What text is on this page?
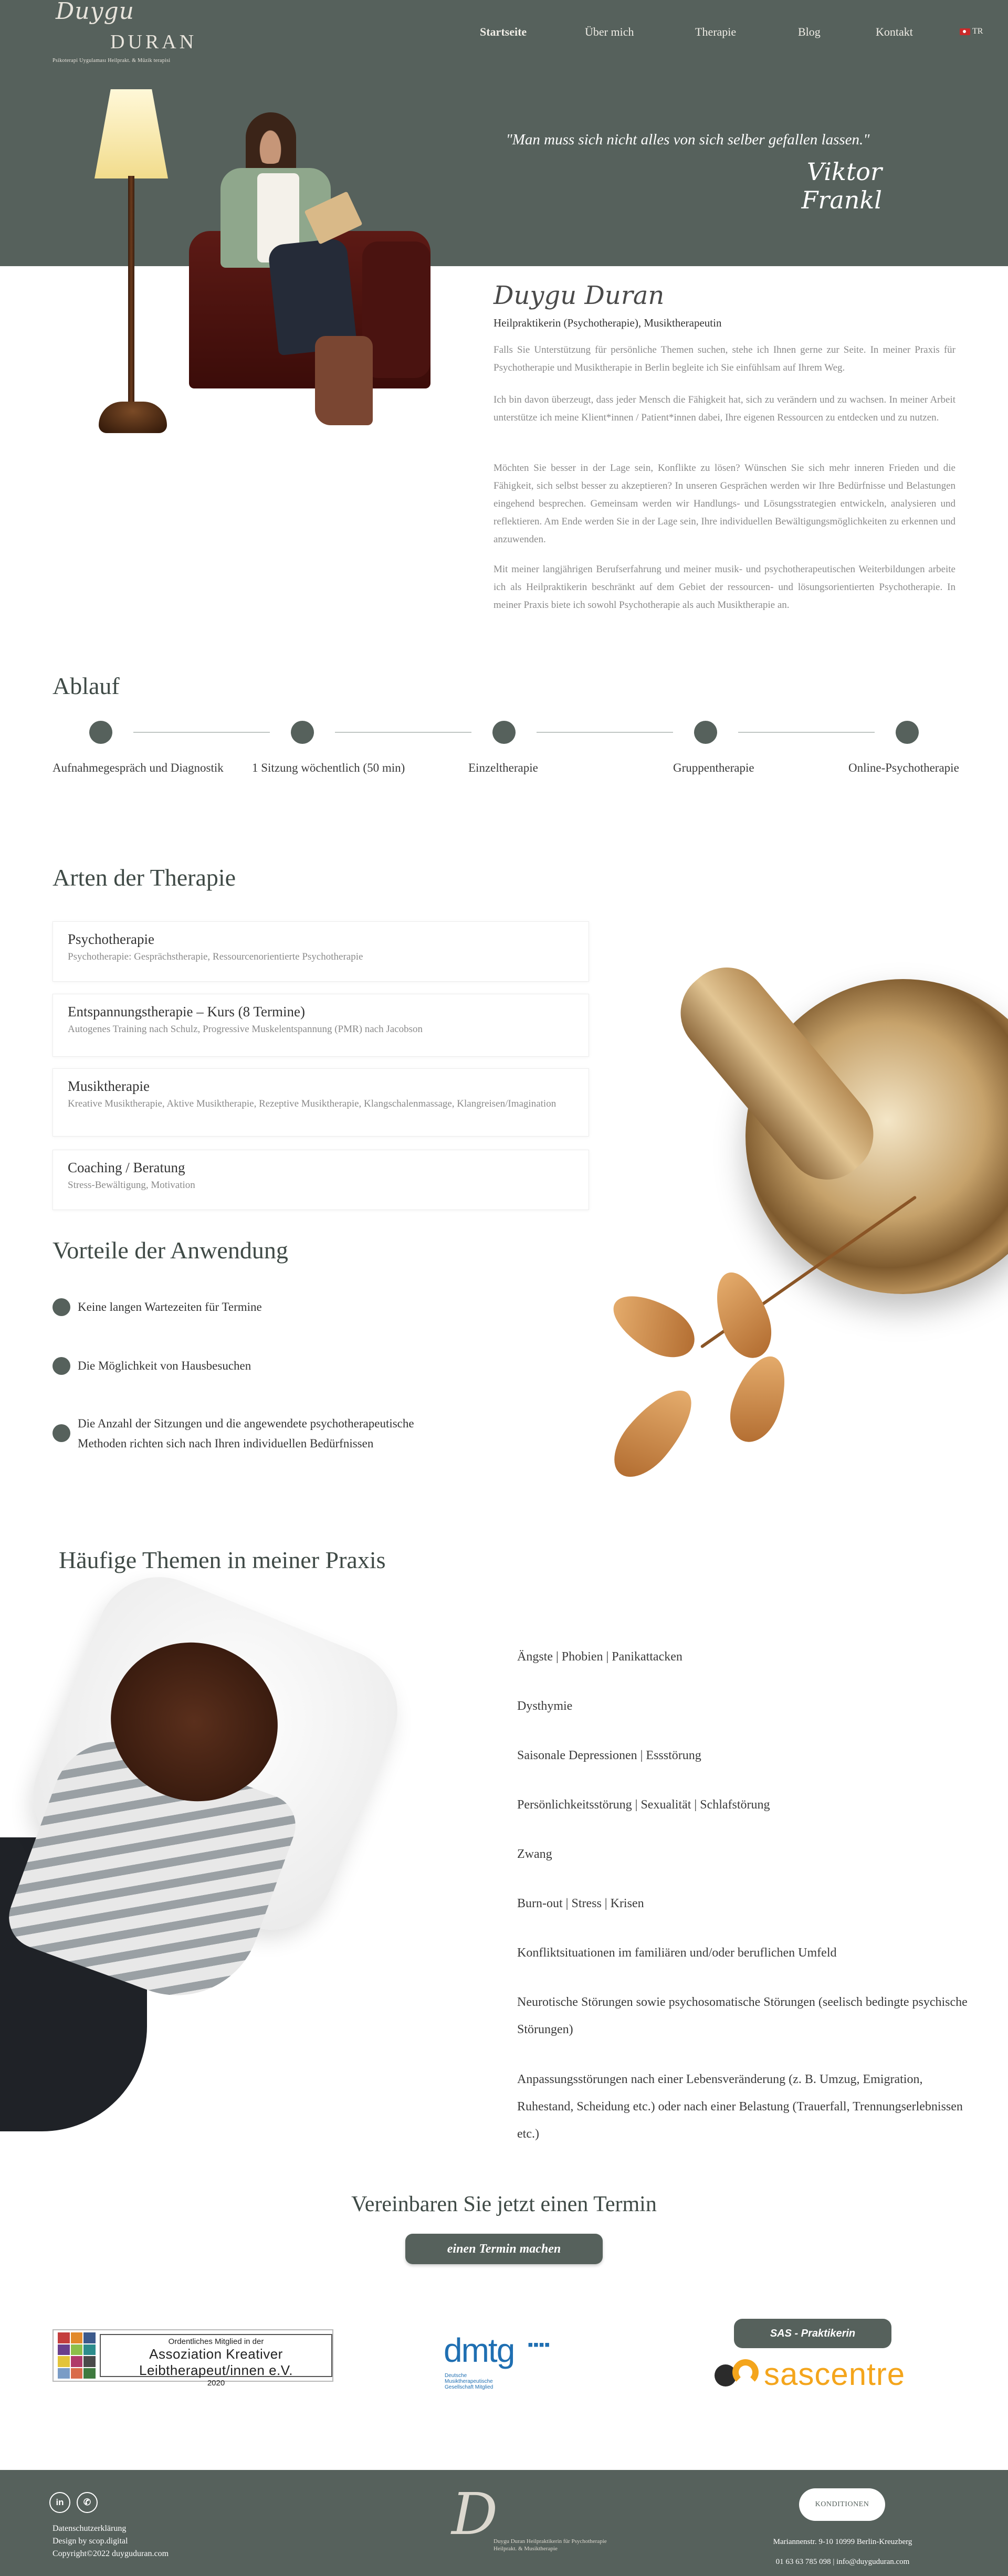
Duygu
DURAN
Psikoterapi Uygulaması Heilprakt. & Müzik terapisi
Startseite	Über mich	Therapie	Blog	Kontakt	TR
"Man muss sich nicht alles von sich selber gefallen lassen."
Viktor Frankl
Duygu Duran
Heilpraktikerin (Psychotherapie), Musiktherapeutin

Falls Sie Unterstützung für persönliche Themen suchen, stehe ich Ihnen gerne zur Seite. In meiner Praxis für Psychotherapie und Musiktherapie in Berlin begleite ich Sie einfühlsam auf Ihrem Weg.

Ich bin davon überzeugt, dass jeder Mensch die Fähigkeit hat, sich zu verändern und zu wachsen. In meiner Arbeit unterstütze ich meine Klient*innen / Patient*innen dabei, Ihre eigenen Ressourcen zu entdecken und zu nutzen.

Möchten Sie besser in der Lage sein, Konflikte zu lösen? Wünschen Sie sich mehr inneren Frieden und die Fähigkeit, sich selbst besser zu akzeptieren? In unseren Gesprächen werden wir Ihre Bedürfnisse und Belastungen eingehend besprechen. Gemeinsam werden wir Handlungs- und Lösungsstrategien entwickeln, analysieren und reflektieren. Am Ende werden Sie in der Lage sein, Ihre individuellen Bewältigungsmöglichkeiten zu erkennen und anzuwenden.

Mit meiner langjährigen Berufserfahrung und meiner musik- und psychotherapeutischen Weiterbildungen arbeite ich als Heilpraktikerin beschränkt auf dem Gebiet der ressourcen- und lösungsorientierten Psychotherapie. In meiner Praxis biete ich sowohl Psychotherapie als auch Musiktherapie an.

Ablauf
Aufnahmegespräch und Diagnostik 1 Sitzung wöchentlich (50 min)	Einzeltherapie	Gruppentherapie	Online-Psychotherapie
Arten der Therapie
Psychotherapie
Psychotherapie: Gesprächstherapie, Ressourcenorientierte Psychotherapie
Entspannungstherapie – Kurs (8 Termine)
Autogenes Training nach Schulz, Progressive Muskelentspannung (PMR) nach Jacobson
Musiktherapie
Kreative Musiktherapie, Aktive Musiktherapie, Rezeptive Musiktherapie, Klangschalenmassage, Klangreisen/Imagination
Coaching / Beratung
Stress-Bewältigung, Motivation
Vorteile der Anwendung
Keine langen Wartezeiten für Termine
Die Möglichkeit von Hausbesuchen
Die Anzahl der Sitzungen und die angewendete psychotherapeutische Methoden richten sich nach Ihren individuellen Bedürfnissen
Häufige Themen in meiner Praxis
Ängste | Phobien | Panikattacken
Dysthymie
Saisonale Depressionen | Essstörung
Persönlichkeitsstörung | Sexualität | Schlafstörung
Zwang
Burn-out | Stress | Krisen
Konfliktsituationen im familiären und/oder beruflichen Umfeld
Neurotische Störungen sowie psychosomatische Störungen (seelisch bedingte psychische Störungen)
Anpassungsstörungen nach einer Lebensveränderung (z. B. Umzug, Emigration, Ruhestand, Scheidung etc.) oder nach einer Belastung (Trauerfall, Trennungserlebnissen etc.)
Vereinbaren Sie jetzt einen Termin
einen Termin machen
Ordentliches Mitglied in der
Assoziation Kreativer Leibtherapeut/innen e.V.
2020
dmtg ▪▪▪▪
Deutsche Musiktherapeutische Gesellschaft Mitglied
SAS - Praktikerin
sascentre
in	✆
Datenschutzerklärung
Design by scop.digital
Copyright©2022 duyguduran.com
D
Duygu Duran Heilpraktikerin für Psychotherapie
Heilprakt. & Musiktherapie
KONDITIONEN
Mariannenstr. 9-10 10999 Berlin-Kreuzberg
01 63 63 785 098 | info@duyguduran.com
